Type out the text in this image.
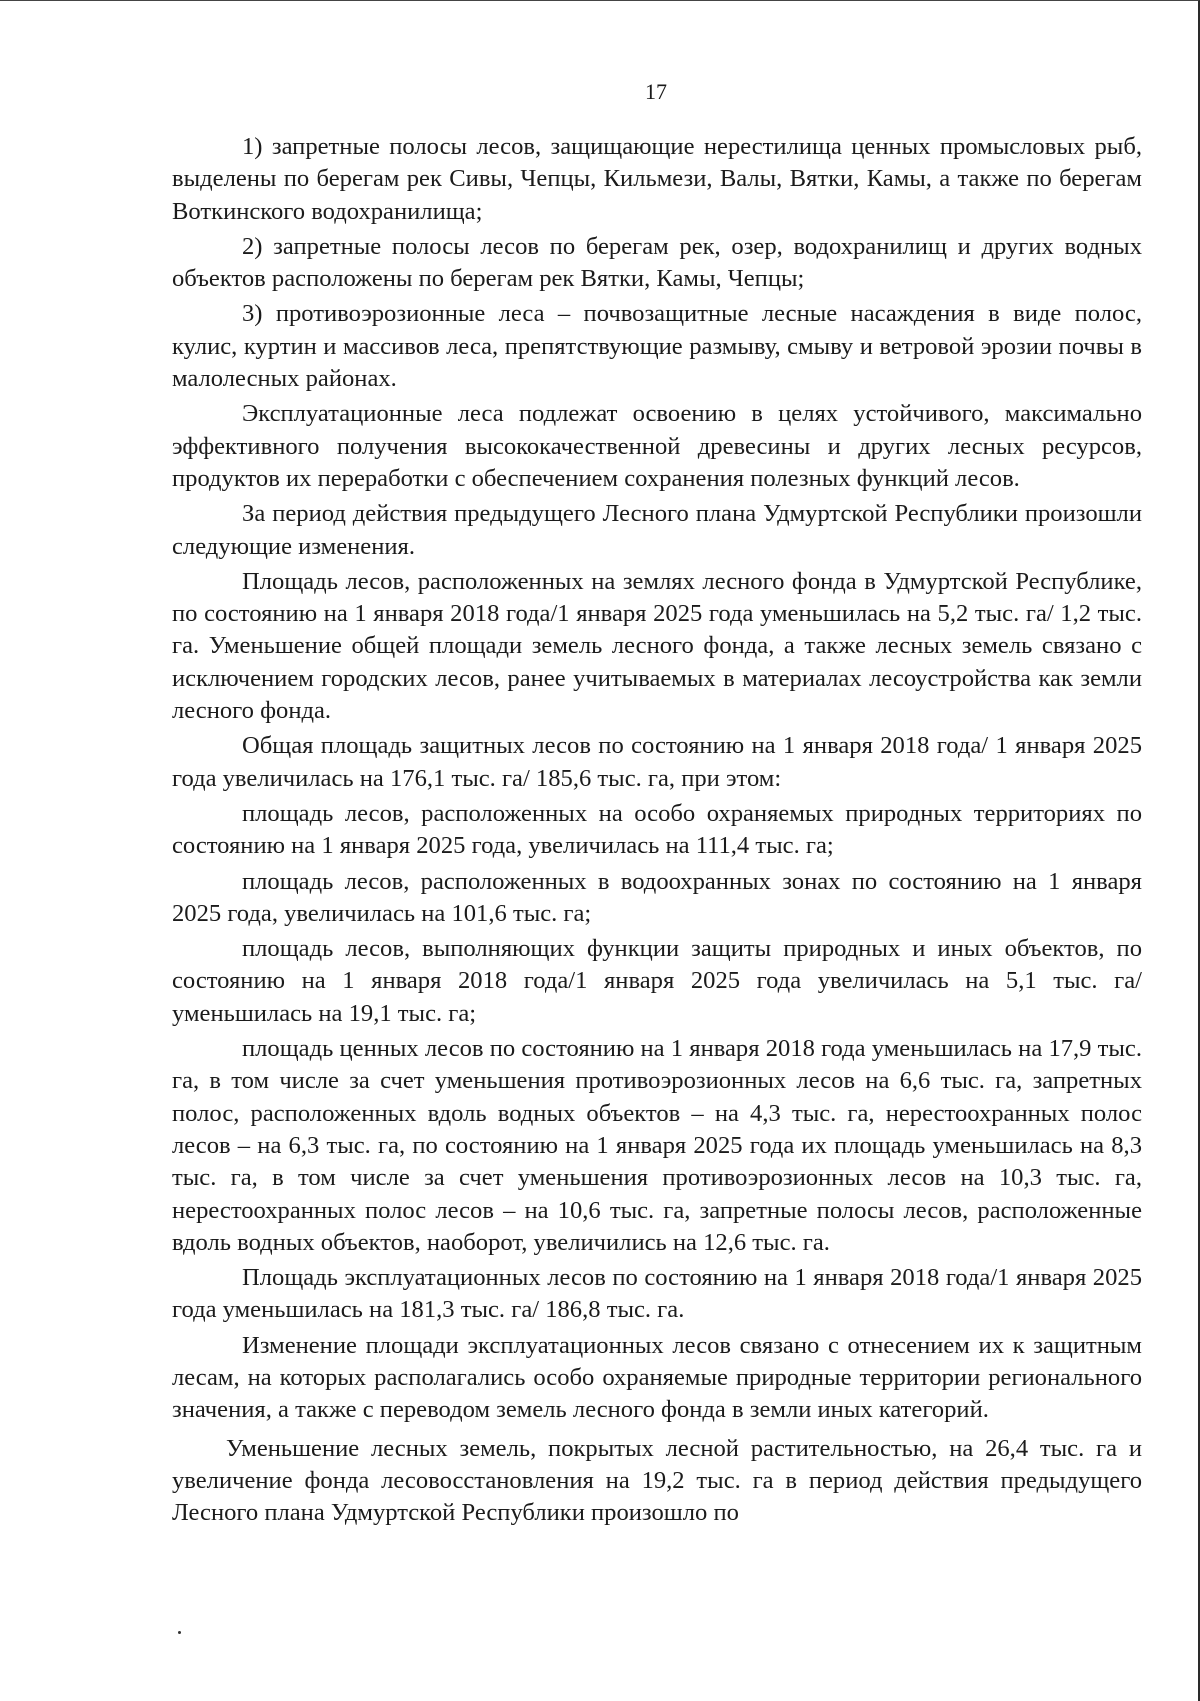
17

1) запретные полосы лесов, защищающие нерестилища ценных промысловых рыб, выделены по берегам рек Сивы, Чепцы, Кильмези, Валы, Вятки, Камы, а также по берегам Воткинского водохранилища;

2) запретные полосы лесов по берегам рек, озер, водохранилищ и других водных объектов расположены по берегам рек Вятки, Камы, Чепцы;

3) противоэрозионные леса – почвозащитные лесные насаждения в виде полос, кулис, куртин и массивов леса, препятствующие размыву, смыву и ветровой эрозии почвы в малолесных районах.

Эксплуатационные леса подлежат освоению в целях устойчивого, максимально эффективного получения высококачественной древесины и других лесных ресурсов, продуктов их переработки с обеспечением сохранения полезных функций лесов.

За период действия предыдущего Лесного плана Удмуртской Республики произошли следующие изменения.

Площадь лесов, расположенных на землях лесного фонда в Удмуртской Республике, по состоянию на 1 января 2018 года/1 января 2025 года уменьшилась на 5,2 тыс. га/ 1,2 тыс. га. Уменьшение общей площади земель лесного фонда, а также лесных земель связано с исключением городских лесов, ранее учитываемых в материалах лесоустройства как земли лесного фонда.

Общая площадь защитных лесов по состоянию на 1 января 2018 года/ 1 января 2025 года увеличилась на 176,1 тыс. га/ 185,6 тыс. га, при этом:

площадь лесов, расположенных на особо охраняемых природных территориях по состоянию на 1 января 2025 года, увеличилась на 111,4 тыс. га;

площадь лесов, расположенных в водоохранных зонах по состоянию на 1 января 2025 года, увеличилась на 101,6 тыс. га;

площадь лесов, выполняющих функции защиты природных и иных объектов, по состоянию на 1 января 2018 года/1 января 2025 года увеличилась на 5,1 тыс. га/ уменьшилась на 19,1 тыс. га;

площадь ценных лесов по состоянию на 1 января 2018 года уменьшилась на 17,9 тыс. га, в том числе за счет уменьшения противоэрозионных лесов на 6,6 тыс. га, запретных полос, расположенных вдоль водных объектов – на 4,3 тыс. га, нерестоохранных полос лесов – на 6,3 тыс. га, по состоянию на 1 января 2025 года их площадь уменьшилась на 8,3 тыс. га, в том числе за счет уменьшения противоэрозионных лесов на 10,3 тыс. га, нерестоохранных полос лесов – на 10,6 тыс. га, запретные полосы лесов, расположенные вдоль водных объектов, наоборот, увеличились на 12,6 тыс. га.

Площадь эксплуатационных лесов по состоянию на 1 января 2018 года/1 января 2025 года уменьшилась на 181,3 тыс. га/ 186,8 тыс. га.

Изменение площади эксплуатационных лесов связано с отнесением их к защитным лесам, на которых располагались особо охраняемые природные территории регионального значения, а также с переводом земель лесного фонда в земли иных категорий.

Уменьшение лесных земель, покрытых лесной растительностью, на 26,4 тыс. га и увеличение фонда лесовосстановления на 19,2 тыс. га в период действия предыдущего Лесного плана Удмуртской Республики произошло по
